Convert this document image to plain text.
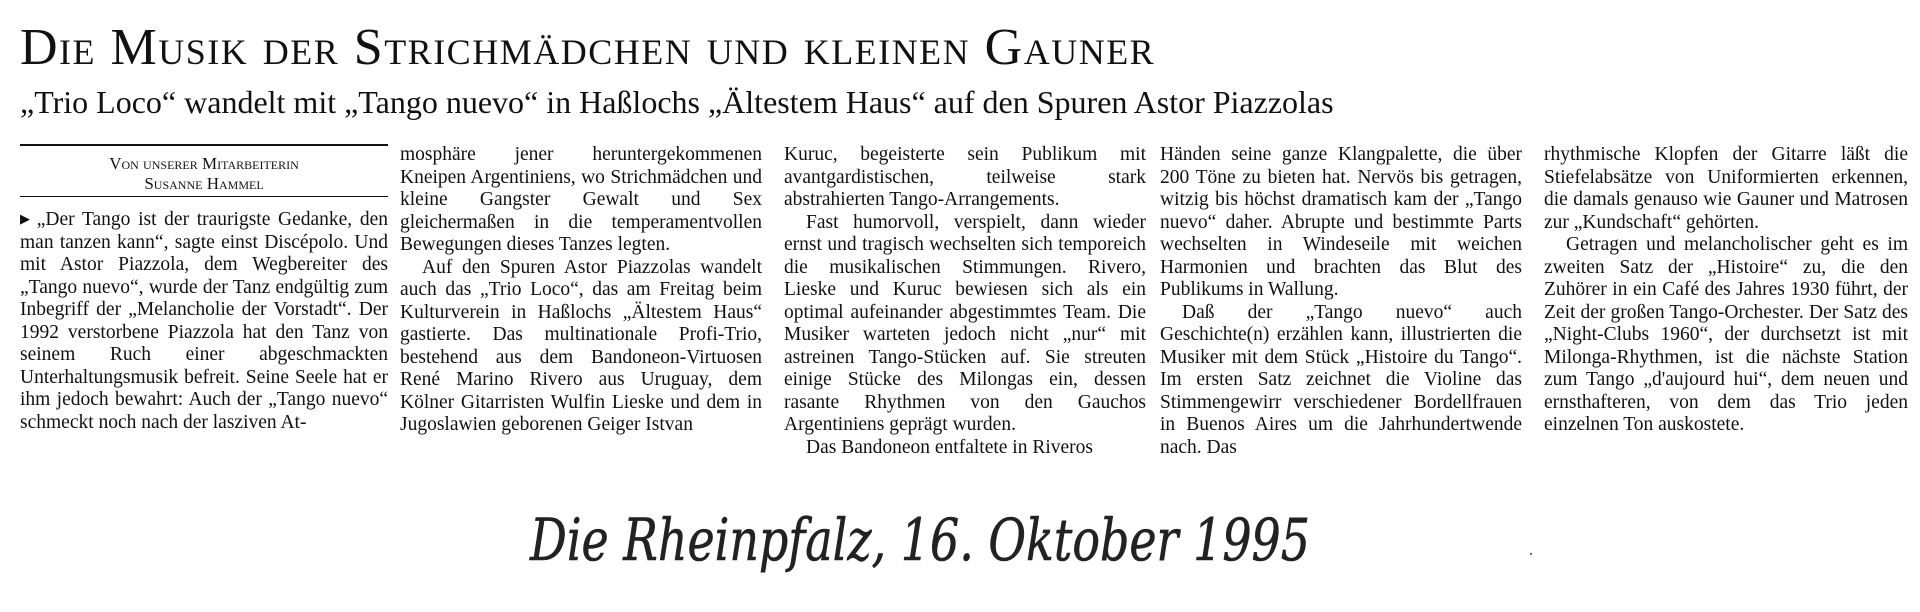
Die Musik der Strichmädchen und kleinen Gauner
„Trio Loco“ wandelt mit „Tango nuevo“ in Haßlochs „Ältestem Haus“ auf den Spuren Astor Piazzolas
Von unserer Mitarbeiterin
Susanne Hammel

▶ „Der Tango ist der traurigste Gedanke, den man tanzen kann“, sagte einst Discépolo. Und mit Astor Piazzola, dem Wegbereiter des „Tango nuevo“, wurde der Tanz endgültig zum Inbegriff der „Melancholie der Vorstadt“. Der 1992 verstorbene Piazzola hat den Tanz von seinem Ruch einer abgeschmackten Unterhaltungsmusik befreit. Seine Seele hat er ihm jedoch bewahrt: Auch der „Tango nuevo“ schmeckt noch nach der lasziven At-

mosphäre jener heruntergekommenen Kneipen Argentiniens, wo Strichmädchen und kleine Gangster Gewalt und Sex gleichermaßen in die temperamentvollen Bewegungen dieses Tanzes legten.

Auf den Spuren Astor Piazzolas wandelt auch das „Trio Loco“, das am Freitag beim Kulturverein in Haßlochs „Ältestem Haus“ gastierte. Das multinationale Profi-Trio, bestehend aus dem Bandoneon-Virtuosen René Marino Rivero aus Uruguay, dem Kölner Gitarristen Wulfin Lieske und dem in Jugoslawien geborenen Geiger Istvan

Kuruc, begeisterte sein Publikum mit avantgardistischen, teilweise stark abstrahierten Tango-Arrangements.

Fast humorvoll, verspielt, dann wieder ernst und tragisch wechselten sich temporeich die musikalischen Stimmungen. Rivero, Lieske und Kuruc bewiesen sich als ein optimal aufeinander abgestimmtes Team. Die Musiker warteten jedoch nicht „nur“ mit astreinen Tango-Stücken auf. Sie streuten einige Stücke des Milongas ein, dessen rasante Rhythmen von den Gauchos Argentiniens geprägt wurden.

Das Bandoneon entfaltete in Riveros

Händen seine ganze Klangpalette, die über 200 Töne zu bieten hat. Nervös bis getragen, witzig bis höchst dramatisch kam der „Tango nuevo“ daher. Abrupte und bestimmte Parts wechselten in Windeseile mit weichen Harmonien und brachten das Blut des Publikums in Wallung.

Daß der „Tango nuevo“ auch Geschichte(n) erzählen kann, illustrierten die Musiker mit dem Stück „Histoire du Tango“. Im ersten Satz zeichnet die Violine das Stimmengewirr verschiedener Bordellfrauen in Buenos Aires um die Jahrhundertwende nach. Das

rhythmische Klopfen der Gitarre läßt die Stiefelabsätze von Uniformierten erkennen, die damals genauso wie Gauner und Matrosen zur „Kundschaft“ gehörten.

Getragen und melancholischer geht es im zweiten Satz der „Histoire“ zu, die den Zuhörer in ein Café des Jahres 1930 führt, der Zeit der großen Tango-Orchester. Der Satz des „Night-Clubs 1960“, der durchsetzt ist mit Milonga-Rhythmen, ist die nächste Station zum Tango „d'aujourd hui“, dem neuen und ernsthafteren, von dem das Trio jeden einzelnen Ton auskostete.

Die Rheinpfalz, 16. Oktober 1995	·
